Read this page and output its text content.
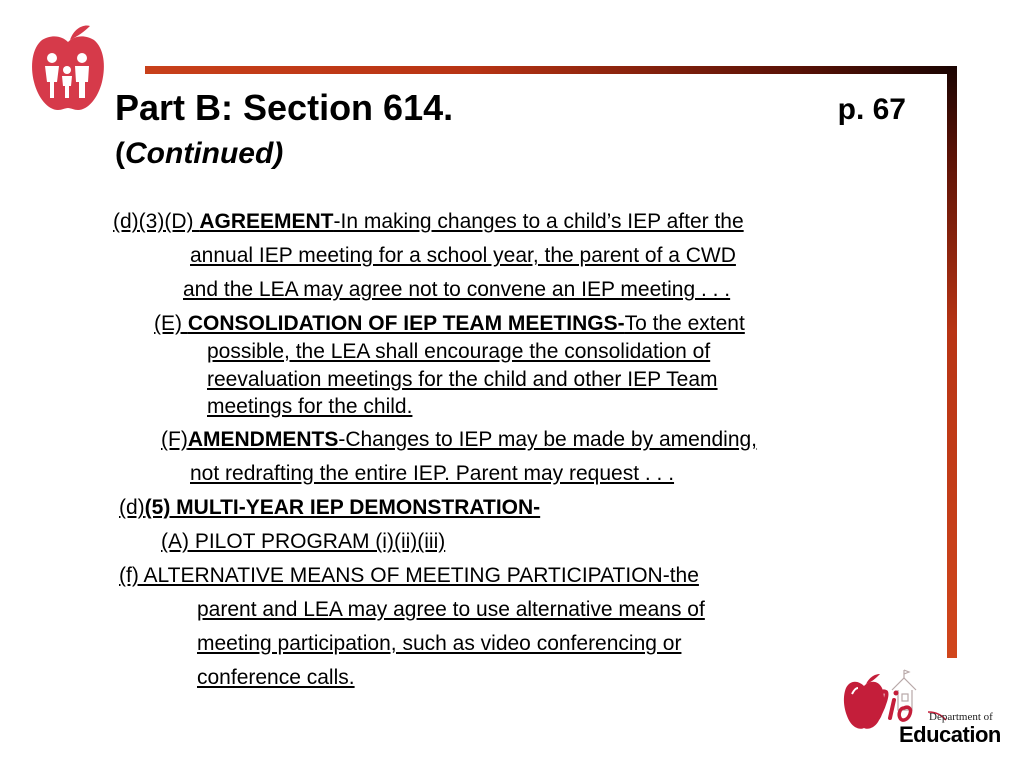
Part B: Section 614.	p. 67
(Continued)
(d)(3)(D) AGREEMENT-In making changes to a child’s IEP after the
annual IEP meeting for a school year, the parent of a CWD
and the LEA may agree not to convene an IEP meeting . . .
(E) CONSOLIDATION OF IEP TEAM MEETINGS-To the extent
possible, the LEA shall encourage the consolidation of
reevaluation meetings for the child and other IEP Team
meetings for the child.
(F)AMENDMENTS-Changes to IEP may be made by amending,
not redrafting the entire IEP. Parent may request . . .
(d)(5) MULTI-YEAR IEP DEMONSTRATION-
(A) PILOT PROGRAM (i)(ii)(iii)
(f) ALTERNATIVE MEANS OF MEETING PARTICIPATION-the
parent and LEA may agree to use alternative means of
meeting participation, such as video conferencing or
conference calls.
Department of
Education
